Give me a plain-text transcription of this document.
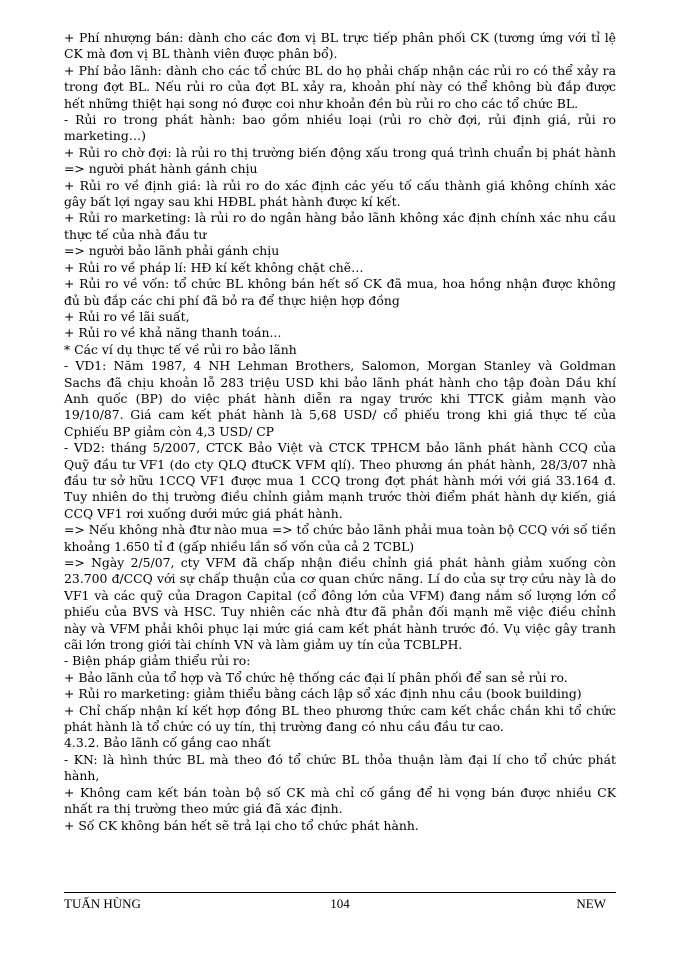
+ Phí nhượng bán: dành cho các đơn vị BL trực tiếp phân phối CK (tương ứng với tỉ lệ CK mà đơn vị BL thành viên được phân bổ).

+ Phí bảo lãnh: dành cho các tổ chức BL do họ phải chấp nhận các rủi ro có thể xảy ra trong đợt BL. Nếu rủi ro của đợt BL xảy ra, khoản phí này có thể không bù đắp được hết những thiệt hại song nó được coi như khoản đền bù rủi ro cho các tổ chức BL.

- Rủi ro trong phát hành: bao gồm nhiều loại (rủi ro chờ đợi, rủi định giá, rủi ro marketing…)

+ Rủi ro chờ đợi: là rủi ro thị trường biến động xấu trong quá trình chuẩn bị phát hành => người phát hành gánh chịu

+ Rủi ro về định giá: là rủi ro do xác định các yếu tố cấu thành giá không chính xác gây bất lợi ngay sau khi HĐBL phát hành được kí kết.

+ Rủi ro marketing: là rủi ro do ngân hàng bảo lãnh không xác định chính xác nhu cầu thực tế của nhà đầu tư

=> người bảo lãnh phải gánh chịu

+ Rủi ro về pháp lí: HĐ kí kết không chặt chẽ…

+ Rủi ro về vốn: tổ chức BL không bán hết số CK đã mua, hoa hồng nhận được không đủ bù đắp các chi phí đã bỏ ra để thực hiện hợp đồng

+ Rủi ro về lãi suất,

+ Rủi ro về khả năng thanh toán...

* Các ví dụ thực tế về rủi ro bảo lãnh

- VD1: Năm 1987, 4 NH Lehman Brothers, Salomon, Morgan Stanley và Goldman Sachs đã chịu khoản lỗ 283 triệu USD khi bảo lãnh phát hành cho tập đoàn Dầu khí Anh quốc (BP) do việc phát hành diễn ra ngay trước khi TTCK giảm mạnh vào 19/10/87. Giá cam kết phát hành là 5,68 USD/ cổ phiếu trong khi giá thực tế của Cphiếu BP giảm còn 4,3 USD/ CP

- VD2: tháng 5/2007, CTCK Bảo Việt và CTCK TPHCM bảo lãnh phát hành CCQ của Quỹ đầu tư VF1 (do cty QLQ đtưCK VFM qlí). Theo phương án phát hành, 28/3/07 nhà đầu tư sở hữu 1CCQ VF1 được mua 1 CCQ trong đợt phát hành mới với giá 33.164 đ. Tuy nhiên do thị trường điều chỉnh giảm mạnh trước thời điểm phát hành dự kiến, giá CCQ VF1 rơi xuống dưới mức giá phát hành.

=> Nếu không nhà đtư nào mua => tổ chức bảo lãnh phải mua toàn bộ CCQ với số tiền khoảng 1.650 tỉ đ (gấp nhiều lần số vốn của cả 2 TCBL)

=> Ngày 2/5/07, cty VFM đã chấp nhận điều chỉnh giá phát hành giảm xuống còn 23.700 đ/CCQ với sự chấp thuận của cơ quan chức năng. Lí do của sự trợ cứu này là do VF1 và các quỹ của Dragon Capital (cổ đông lớn của VFM) đang nắm số lượng lớn cổ phiếu của BVS và HSC. Tuy nhiên các nhà đtư đã phản đối mạnh mẽ việc điều chỉnh này và VFM phải khôi phục lại mức giá cam kết phát hành trước đó. Vụ việc gây tranh cãi lớn trong giới tài chính VN và làm giảm uy tín của TCBLPH.

- Biện pháp giảm thiểu rủi ro:

+ Bảo lãnh của tổ hợp và Tổ chức hệ thống các đại lí phân phối để san sẻ rủi ro.

+ Rủi ro marketing: giảm thiểu bằng cách lập sổ xác định nhu cầu (book building)

+ Chỉ chấp nhận kí kết hợp đồng BL theo phương thức cam kết chắc chắn khi tổ chức phát hành là tổ chức có uy tín, thị trường đang có nhu cầu đầu tư cao.

4.3.2. Bảo lãnh cố gắng cao nhất

- KN: là hình thức BL mà theo đó tổ chức BL thỏa thuận làm đại lí cho tổ chức phát hành,

+ Không cam kết bán toàn bộ số CK mà chỉ cố gắng để hi vọng bán được nhiều CK nhất ra thị trường theo mức giá đã xác định.

+ Số CK không bán hết sẽ trả lại cho tổ chức phát hành.

TUẤN HÙNG	104	NEW
